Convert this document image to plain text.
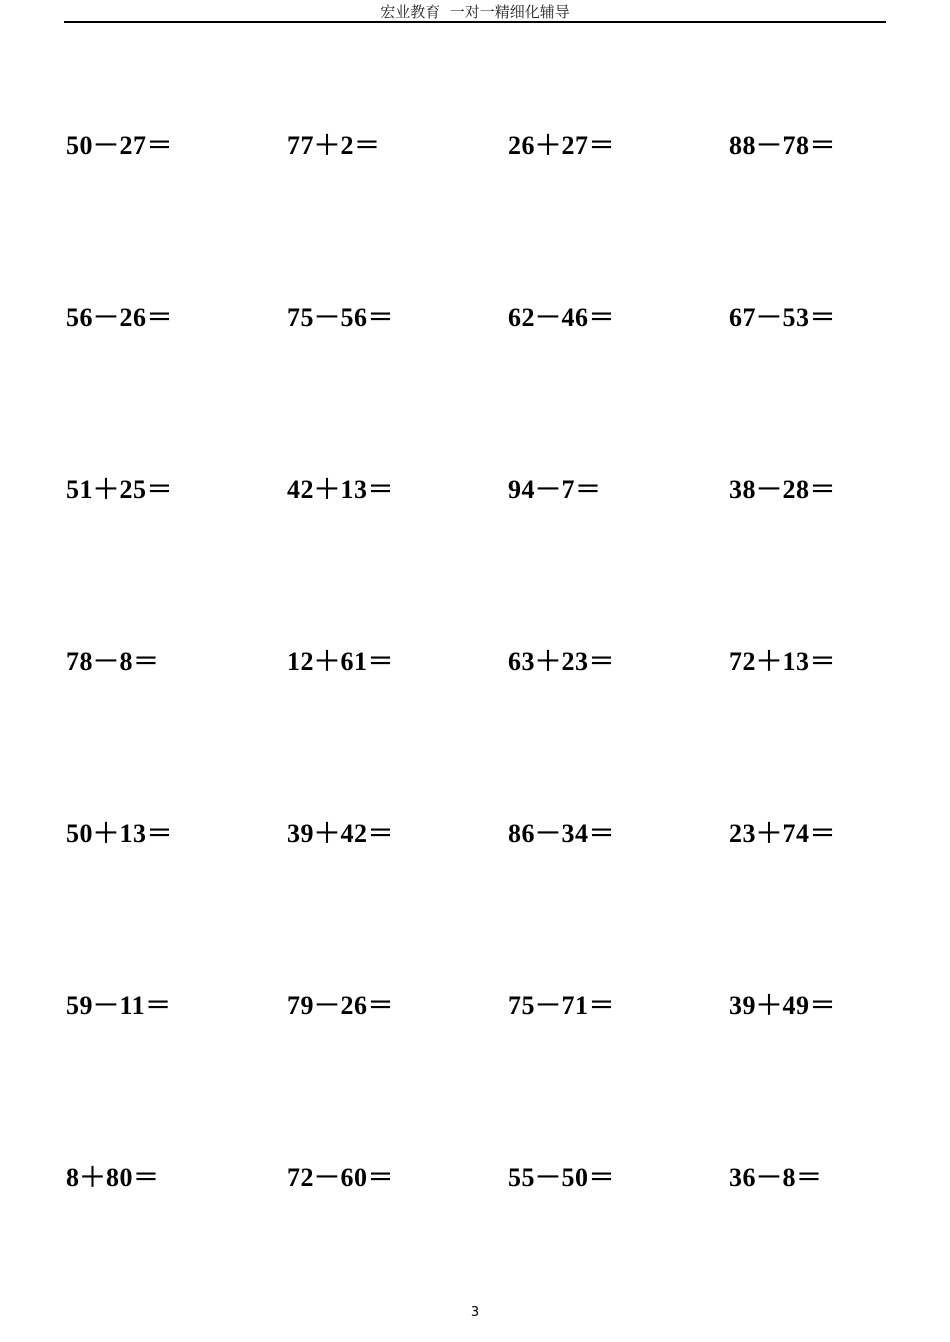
宏业教育  一对一精细化辅导
50－27＝	77＋2＝	26＋27＝	88－78＝
56－26＝	75－56＝	62－46＝	67－53＝
51＋25＝	42＋13＝	94－7＝	38－28＝
78－8＝	12＋61＝	63＋23＝	72＋13＝
50＋13＝	39＋42＝	86－34＝	23＋74＝
59－11＝	79－26＝	75－71＝	39＋49＝
8＋80＝	72－60＝	55－50＝	36－8＝
3
